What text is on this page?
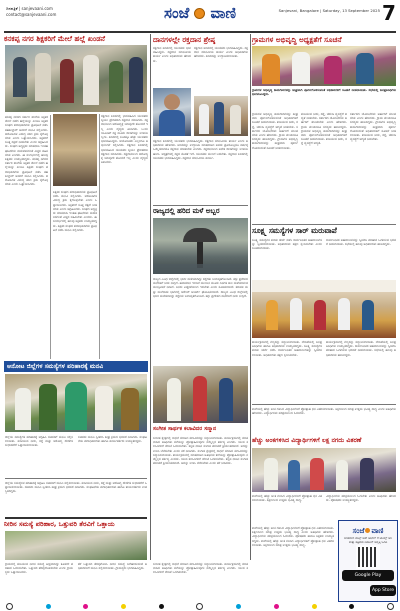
ದಿನಪತ್ರಿಕೆ | sanjevaani.com
contact@sanjevaani.com	ಸಂಜೆ ವಾಣಿ	Sanjevani, Bangalore | Saturday, 13 September 2025 7
ಕನಕಪ್ಪ ನಗರ ಶಿಕ್ಷಕರಿಗೆ ಮೇಲೆ ಹಲ್ಲೆ ಖಂಡನೆ
ಕನಕಪ್ಪ ನಗರದ ಸರ್ಕಾರಿ ಶಾಲೆಯ ಶಿಕ್ಷಕರ ಮೇಲೆ ನಡೆದ ಹಲ್ಲೆಯನ್ನು ಖಂಡಿಸಿ ಶಿಕ್ಷಕರ ಸಂಘದ ಪದಾಧಿಕಾರಿಗಳು ಪ್ರತಿಭಟನೆ ನಡೆಸಿ ತಹಶೀಲ್ದಾರ್ ಅವರಿಗೆ ಮನವಿ ಸಲ್ಲಿಸಿದರು. ಆರೋಪಿಗಳ ವಿರುದ್ಧ ಕಠಿಣ ಕ್ರಮ ಕೈಗೊಳ್ಳಬೇಕು ಎಂದು ಒತ್ತಾಯಿಸಿದರು. ಶಿಕ್ಷಕರಿಗೆ ಸೂಕ್ತ ರಕ್ಷಣೆ ನೀಡಬೇಕು ಎಂದು ಆಗ್ರಹಿಸಿದರು. ಸಂಘದ ಅಧ್ಯಕ್ಷರು ಮಾತನಾಡಿ ಇಂತಹ ಘಟನೆಗಳು ಮರುಕಳಿಸದಂತೆ ಎಚ್ಚರ ವಹಿಸಬೇಕು ಎಂದರು. ಈ ಸಂದರ್ಭದಲ್ಲಿ ಹಲವು ಶಿಕ್ಷಕರು ಉಪಸ್ಥಿತರಿದ್ದರು. ಕನಕಪ್ಪ ನಗರದ ಸರ್ಕಾರಿ ಶಾಲೆಯ ಶಿಕ್ಷಕರ ಮೇಲೆ ನಡೆದ ಹಲ್ಲೆಯನ್ನು ಖಂಡಿಸಿ ಶಿಕ್ಷಕರ ಸಂಘದ ಪದಾಧಿಕಾರಿಗಳು ಪ್ರತಿಭಟನೆ ನಡೆಸಿ ತಹಶೀಲ್ದಾರ್ ಅವರಿಗೆ ಮನವಿ ಸಲ್ಲಿಸಿದರು. ಆರೋಪಿಗಳ ವಿರುದ್ಧ ಕಠಿಣ ಕ್ರಮ ಕೈಗೊಳ್ಳಬೇಕು ಎಂದು ಒತ್ತಾಯಿಸಿದರು.
ಶಿಕ್ಷಕರ ಸಂಘದ ಪದಾಧಿಕಾರಿಗಳು ಪ್ರತಿಭಟನೆ ನಡೆಸಿ ಮನವಿ ಸಲ್ಲಿಸಿದರು. ಆರೋಪಿಗಳ ವಿರುದ್ಧ ಕ್ರಮ ಕೈಗೊಳ್ಳಬೇಕು ಎಂದು ಒತ್ತಾಯಿಸಿದರು. ಶಿಕ್ಷಕರಿಗೆ ಸೂಕ್ತ ರಕ್ಷಣೆ ನೀಡಬೇಕು ಎಂದು ಆಗ್ರಹಿಸಿದರು. ಸಂಘದ ಅಧ್ಯಕ್ಷರು ಮಾತನಾಡಿ ಇಂತಹ ಘಟನೆಗಳು ಮರುಕಳಿಸದಂತೆ ಎಚ್ಚರ ವಹಿಸಬೇಕು ಎಂದರು. ಈ ಸಂದರ್ಭದಲ್ಲಿ ಹಲವು ಶಿಕ್ಷಕರು ಉಪಸ್ಥಿತರಿದ್ದರು. ಶಿಕ್ಷಕರ ಸಂಘದ ಪದಾಧಿಕಾರಿಗಳು ಪ್ರತಿಭಟನೆ ನಡೆಸಿ ಮನವಿ ಸಲ್ಲಿಸಿದರು.
ರಕ್ತದಾನ ಶಿಬಿರದಲ್ಲಿ ಭಾಗವಹಿಸಿದ ಯುವಕರು ಸ್ವಯಂ ಪ್ರೇರಿತರಾಗಿ ರಕ್ತದಾನ ಮಾಡಿದರು. ರಕ್ತದಾನದಿಂದ ಆರೋಗ್ಯಕ್ಕೆ ಯಾವುದೇ ತೊಂದರೆ ಇಲ್ಲ ಎಂದು ವೈದ್ಯರು ತಿಳಿಸಿದರು. ಒಂದು ಯೂನಿಟ್ ರಕ್ತ ಮೂರು ಜೀವಗಳನ್ನು ಉಳಿಸಬಲ್ಲದು. ಶಿಬಿರದಲ್ಲಿ ನೂರಕ್ಕೂ ಹೆಚ್ಚು ಯುವಕರು ಭಾಗವಹಿಸಿದ್ದರು. ಆಯೋಜಕರು ಎಲ್ಲರಿಗೂ ಅಭಿನಂದನೆ ಸಲ್ಲಿಸಿದರು. ರಕ್ತದಾನ ಶಿಬಿರದಲ್ಲಿ ಭಾಗವಹಿಸಿದ ಯುವಕರು ಸ್ವಯಂ ಪ್ರೇರಿತರಾಗಿ ರಕ್ತದಾನ ಮಾಡಿದರು. ರಕ್ತದಾನದಿಂದ ಆರೋಗ್ಯಕ್ಕೆ ಯಾವುದೇ ತೊಂದರೆ ಇಲ್ಲ ಎಂದು ವೈದ್ಯರು ತಿಳಿಸಿದರು.
ದಾನಗಳಲ್ಲೇ ರಕ್ತದಾನ ಶ್ರೇಷ್ಠ
ರಕ್ತದಾನ ಶಿಬಿರದಲ್ಲಿ ಯುವಕರು ಭಾಗವಹಿಸಿದ್ದರು. ರಕ್ತದಾನ ಮಾನವೀಯ ಕಾರ್ಯ ಎಂದು ಅಧಿಕಾರಿಗಳು ಹೇಳಿದರು.
ರಕ್ತದಾನ ಶಿಬಿರದಲ್ಲಿ ಯುವಕರು ಭಾಗವಹಿಸಿದ್ದರು. ರಕ್ತದಾನ ಮಾನವೀಯ ಕಾರ್ಯ ಎಂದು ಅಧಿಕಾರಿಗಳು ಹೇಳಿದರು. ಶಿಬಿರವನ್ನು ಉದ್ಘಾಟಿಸಲಾಯಿತು.
ರಕ್ತದಾನ ಶಿಬಿರದಲ್ಲಿ ಯುವಕರು ಭಾಗವಹಿಸಿದ್ದರು. ರಕ್ತದಾನ ಮಾನವೀಯ ಕಾರ್ಯ ಎಂದು ಅಧಿಕಾರಿಗಳು ಹೇಳಿದರು. ಶಿಬಿರವನ್ನು ಉದ್ಘಾಟಿಸಿ ಮಾತನಾಡಿದ ಅವರು ಪ್ರತಿಯೊಬ್ಬರೂ ವರ್ಷಕ್ಕೆ ಒಮ್ಮೆಯಾದರೂ ರಕ್ತದಾನ ಮಾಡಬೇಕು ಎಂದರು. ರಕ್ತದಾನದಿಂದ ಅನೇಕ ಜೀವಗಳನ್ನು ಉಳಿಸಬಹುದು. ಆಸ್ಪತ್ರೆಗಳಲ್ಲಿ ರಕ್ತದ ಕೊರತೆ ಇದೆ. ಯುವಕರು ಮುಂದೆ ಬರಬೇಕು. ರಕ್ತದಾನ ಶಿಬಿರದಲ್ಲಿ ಯುವಕರು ಭಾಗವಹಿಸಿದ್ದರು. ರಕ್ತದಾನ ಮಾನವೀಯ ಕಾರ್ಯ.
ರಾಜ್ಯದಲ್ಲಿ ಹರಿದ ಮಳೆ ಅಬ್ಬರ
ರಾಜ್ಯದ ವಿವಿಧ ಜಿಲ್ಲೆಗಳಲ್ಲಿ ಭಾರೀ ಮಳೆಯಾಗಿದ್ದು ರಸ್ತೆಗಳು ಜಲಾವೃತಗೊಂಡಿವೆ. ತಗ್ಗು ಪ್ರದೇಶದ ಮನೆಗಳಿಗೆ ನೀರು ನುಗ್ಗಿದೆ. ಹವಾಮಾನ ಇಲಾಖೆ ಮುಂದಿನ ಮೂರು ದಿನಗಳ ಕಾಲ ಮಳೆಯಾಗುವ ಮುನ್ಸೂಚನೆ ನೀಡಿದೆ. ಜನರು ಎಚ್ಚರಿಕೆಯಿಂದ ಇರಬೇಕು ಎಂದು ಸೂಚಿಸಲಾಗಿದೆ. ಕರಾವಳಿ ಮತ್ತು ಮಲೆನಾಡು ಭಾಗದಲ್ಲಿ ಆರೆಂಜ್ ಅಲರ್ಟ್ ಘೋಷಿಸಲಾಗಿದೆ. ರಾಜ್ಯದ ವಿವಿಧ ಜಿಲ್ಲೆಗಳಲ್ಲಿ ಭಾರೀ ಮಳೆಯಾಗಿದ್ದು ರಸ್ತೆಗಳು ಜಲಾವೃತಗೊಂಡಿವೆ. ತಗ್ಗು ಪ್ರದೇಶದ ಮನೆಗಳಿಗೆ ನೀರು ನುಗ್ಗಿದೆ.
ಗ್ರಾಮಗಳ ಅಭಿವೃದ್ಧಿ ಅಧ್ಯಕ್ಷತೆಗೆ ಸೂಚನೆ
ಗ್ರಾಮಗಳ ಅಭಿವೃದ್ಧಿ ಕಾಮಗಾರಿಗಳನ್ನು ಶೀಘ್ರವಾಗಿ ಪೂರ್ಣಗೊಳಿಸುವಂತೆ ಅಧಿಕಾರಿಗಳಿಗೆ ಸೂಚನೆ ನೀಡಲಾಯಿತು. ಸಭೆಯಲ್ಲಿ ಜನಪ್ರತಿನಿಧಿಗಳು ಭಾಗವಹಿಸಿದ್ದರು.
ಗ್ರಾಮಗಳ ಅಭಿವೃದ್ಧಿ ಕಾಮಗಾರಿಗಳನ್ನು ಶೀಘ್ರವಾಗಿ ಪೂರ್ಣಗೊಳಿಸುವಂತೆ ಅಧಿಕಾರಿಗಳಿಗೆ ಸೂಚನೆ ನೀಡಲಾಯಿತು. ಕುಡಿಯುವ ನೀರು, ರಸ್ತೆ, ಚರಂಡಿ ವ್ಯವಸ್ಥೆಗೆ ಆದ್ಯತೆ ನೀಡಬೇಕು. ಸರ್ಕಾರದ ಯೋಜನೆಗಳು ಅರ್ಹರಿಗೆ ತಲುಪಬೇಕು ಎಂದು ಹೇಳಿದರು. ಗ್ರಾಮ ಪಂಚಾಯತಿ ಸದಸ್ಯರು ಹಾಜರಿದ್ದರು. ಗ್ರಾಮಗಳ ಅಭಿವೃದ್ಧಿ ಕಾಮಗಾರಿಗಳನ್ನು ಶೀಘ್ರವಾಗಿ ಪೂರ್ಣಗೊಳಿಸುವಂತೆ ಸೂಚನೆ ನೀಡಲಾಯಿತು.
ಕುಡಿಯುವ ನೀರು, ರಸ್ತೆ, ಚರಂಡಿ ವ್ಯವಸ್ಥೆಗೆ ಆದ್ಯತೆ ನೀಡಬೇಕು. ಸರ್ಕಾರದ ಯೋಜನೆಗಳು ಅರ್ಹರಿಗೆ ತಲುಪಬೇಕು ಎಂದು ಹೇಳಿದರು. ಗ್ರಾಮ ಪಂಚಾಯತಿ ಸದಸ್ಯರು ಹಾಜರಿದ್ದರು. ಗ್ರಾಮಗಳ ಅಭಿವೃದ್ಧಿ ಕಾಮಗಾರಿಗಳನ್ನು ಶೀಘ್ರವಾಗಿ ಪೂರ್ಣಗೊಳಿಸುವಂತೆ ಅಧಿಕಾರಿಗಳಿಗೆ ಸೂಚನೆ ನೀಡಲಾಯಿತು. ಕುಡಿಯುವ ನೀರು, ರಸ್ತೆ ವ್ಯವಸ್ಥೆಗೆ ಆದ್ಯತೆ.
ಸರ್ಕಾರದ ಯೋಜನೆಗಳು ಅರ್ಹರಿಗೆ ತಲುಪಬೇಕು ಎಂದು ಹೇಳಿದರು. ಗ್ರಾಮ ಪಂಚಾಯತಿ ಸದಸ್ಯರು ಹಾಜರಿದ್ದರು. ಗ್ರಾಮಗಳ ಅಭಿವೃದ್ಧಿ ಕಾಮಗಾರಿಗಳನ್ನು ಶೀಘ್ರವಾಗಿ ಪೂರ್ಣಗೊಳಿಸುವಂತೆ ಅಧಿಕಾರಿಗಳಿಗೆ ಸೂಚನೆ ನೀಡಲಾಯಿತು. ಕುಡಿಯುವ ನೀರು, ರಸ್ತೆ, ಚರಂಡಿ ವ್ಯವಸ್ಥೆಗೆ ಆದ್ಯತೆ ನೀಡಬೇಕು.
ಸೂಕ್ಷ್ಮ ಸಮಸ್ಯೆಗಳ ಸಾರ್ ಮರುವಾಪೆ
ಸೂಕ್ಷ್ಮ ಸಮಸ್ಯೆಗಳ ಕುರಿತು ಚರ್ಚೆ ನಡೆಸಿ ಸಾರ್ವಜನಿಕರ ಅಹವಾಲುಗಳನ್ನು ಸ್ವೀಕರಿಸಲಾಯಿತು. ಅಧಿಕಾರಿಗಳು ತಕ್ಷಣ ಸ್ಪಂದಿಸಬೇಕು ಎಂದು ಸೂಚಿಸಲಾಯಿತು.
ಸಾರ್ವಜನಿಕರ ಅಹವಾಲುಗಳನ್ನು ಸ್ವೀಕರಿಸಿ ಪರಿಹಾರ ಒದಗಿಸುವ ಭರವಸೆ ನೀಡಲಾಯಿತು. ಸಭೆಯಲ್ಲಿ ಹಲವು ಅಧಿಕಾರಿಗಳು ಹಾಜರಿದ್ದರು.
ಕಾರ್ಯಕ್ರಮದಲ್ಲಿ ಗಣ್ಯರನ್ನು ಸನ್ಮಾನಿಸಲಾಯಿತು. ವೇದಿಕೆಯಲ್ಲಿ ಜನಪ್ರತಿನಿಧಿಗಳು ಹಾಗೂ ಅಧಿಕಾರಿಗಳು ಉಪಸ್ಥಿತರಿದ್ದರು. ಸೂಕ್ಷ್ಮ ಸಮಸ್ಯೆಗಳ ಕುರಿತು ಚರ್ಚೆ ನಡೆಸಿ ಸಾರ್ವಜನಿಕರ ಅಹವಾಲುಗಳನ್ನು ಸ್ವೀಕರಿಸಲಾಯಿತು. ಅಧಿಕಾರಿಗಳು ತಕ್ಷಣ ಸ್ಪಂದಿಸಬೇಕು.
ಕಾರ್ಯಕ್ರಮದಲ್ಲಿ ಗಣ್ಯರನ್ನು ಸನ್ಮಾನಿಸಲಾಯಿತು. ವೇದಿಕೆಯಲ್ಲಿ ಜನಪ್ರತಿನಿಧಿಗಳು ಉಪಸ್ಥಿತರಿದ್ದರು. ಸಾರ್ವಜನಿಕರ ಅಹವಾಲುಗಳನ್ನು ಸ್ವೀಕರಿಸಿ ಪರಿಹಾರ ಒದಗಿಸುವ ಭರವಸೆ ನೀಡಲಾಯಿತು. ಸಭೆಯಲ್ಲಿ ಹಲವು ಅಧಿಕಾರಿಗಳು ಹಾಜರಿದ್ದರು.
ಆನೋಟ ಜಿಲ್ಲೆಗಳ ಸಮಸ್ಯೆಗಳ ಪರಿಹಾರಕ್ಕೆ ಮನವಿ
ಜಿಲ್ಲೆಯ ಸಮಸ್ಯೆಗಳ ಪರಿಹಾರಕ್ಕೆ ಆಗ್ರಹಿಸಿ ಸಚಿವರಿಗೆ ಮನವಿ ಸಲ್ಲಿಸಲಾಯಿತು. ಕುಡಿಯುವ ನೀರು, ರಸ್ತೆ ಮತ್ತು ಆರೋಗ್ಯ ಸೇವೆಗಳ ಸುಧಾರಣೆಗೆ ಒತ್ತಾಯಿಸಲಾಯಿತು.
ಸಚಿವರು ಮನವಿ ಸ್ವೀಕರಿಸಿ ಶೀಘ್ರ ಕ್ರಮದ ಭರವಸೆ ನೀಡಿದರು. ಸಂಘಟನೆಯ ಪದಾಧಿಕಾರಿಗಳು ಹಾಗೂ ಕಾರ್ಯಕರ್ತರು ಉಪಸ್ಥಿತರಿದ್ದರು.
ಸಂಗೀತ ಸಾರ್ಥಕ ಕಲಾವಿದರ ಸನ್ಮಾನ
ಸಂಗೀತ ಕ್ಷೇತ್ರದಲ್ಲಿ ಸಾಧನೆ ಮಾಡಿದ ಕಲಾವಿದರನ್ನು ಸನ್ಮಾನಿಸಲಾಯಿತು. ಕಾರ್ಯಕ್ರಮದಲ್ಲಿ ಮಾತನಾಡಿದ ಅತಿಥಿಗಳು ಕಲೆಯನ್ನು ಪ್ರೋತ್ಸಾಹಿಸುವುದು ನಮ್ಮೆಲ್ಲರ ಕರ್ತವ್ಯ ಎಂದರು. ಯುವ ಕಲಾವಿದರಿಗೆ ವೇದಿಕೆ ಒದಗಿಸಬೇಕು. ಕನ್ನಡ ನಾಡಿನ ಸಂಗೀತ ಪರಂಪರೆ ಶ್ರೀಮಂತವಾಗಿದೆ. ಅದನ್ನು ಉಳಿಸಿ ಬೆಳೆಸಬೇಕು ಎಂದು ಕರೆ ನೀಡಿದರು. ಸಂಗೀತ ಕ್ಷೇತ್ರದಲ್ಲಿ ಸಾಧನೆ ಮಾಡಿದ ಕಲಾವಿದರನ್ನು ಸನ್ಮಾನಿಸಲಾಯಿತು. ಕಾರ್ಯಕ್ರಮದಲ್ಲಿ ಮಾತನಾಡಿದ ಅತಿಥಿಗಳು ಕಲೆಯನ್ನು ಪ್ರೋತ್ಸಾಹಿಸುವುದು ನಮ್ಮೆಲ್ಲರ ಕರ್ತವ್ಯ ಎಂದರು. ಯುವ ಕಲಾವಿದರಿಗೆ ವೇದಿಕೆ ಒದಗಿಸಬೇಕು. ಕನ್ನಡ ನಾಡಿನ ಸಂಗೀತ ಪರಂಪರೆ ಶ್ರೀಮಂತವಾಗಿದೆ. ಅದನ್ನು ಉಳಿಸಿ ಬೆಳೆಸಬೇಕು ಎಂದು ಕರೆ ನೀಡಿದರು.
ಜಿಲ್ಲೆಯ ಸಮಸ್ಯೆಗಳ ಪರಿಹಾರಕ್ಕೆ ಆಗ್ರಹಿಸಿ ಸಚಿವರಿಗೆ ಮನವಿ ಸಲ್ಲಿಸಲಾಯಿತು. ಕುಡಿಯುವ ನೀರು, ರಸ್ತೆ ಮತ್ತು ಆರೋಗ್ಯ ಸೇವೆಗಳ ಸುಧಾರಣೆಗೆ ಒತ್ತಾಯಿಸಲಾಯಿತು. ಸಚಿವರು ಮನವಿ ಸ್ವೀಕರಿಸಿ ಶೀಘ್ರ ಕ್ರಮದ ಭರವಸೆ ನೀಡಿದರು. ಸಂಘಟನೆಯ ಪದಾಧಿಕಾರಿಗಳು ಹಾಗೂ ಕಾರ್ಯಕರ್ತರು ಉಪಸ್ಥಿತರಿದ್ದರು.
ನೀರಿನ ಸಮಸ್ಯೆ ಪರಿಹಾರ, ಒತ್ತುವರಿ ತೆರವಿಗೆ ಒತ್ತಾಯ
ಗ್ರಾಮದಲ್ಲಿ ಕುಡಿಯುವ ನೀರಿನ ಸಮಸ್ಯೆ ತೀವ್ರವಾಗಿದ್ದು ಕೂಡಲೇ ಪರಿಹಾರ ಒದಗಿಸಬೇಕು. ಒತ್ತುವರಿ ತೆರವುಗೊಳಿಸಬೇಕು ಎಂದು ಗ್ರಾಮಸ್ಥರು ಒತ್ತಾಯಿಸಿದರು.
ಕೆರೆ ಒತ್ತುವರಿ ತೆರವುಗೊಳಿಸಿ ನೀರಿನ ಸಮಸ್ಯೆ ಬಗೆಹರಿಸುವಂತೆ ಅಧಿಕಾರಿಗಳಿಗೆ ಮನವಿ ಸಲ್ಲಿಸಲಾಯಿತು. ಗ್ರಾಮಸ್ಥರು ಭಾಗವಹಿಸಿದ್ದರು.
ಶಾಲೆಯಲ್ಲಿ ಹೆಚ್ಚು ಅಂಕ ಗಳಿಸಿದ ವಿದ್ಯಾರ್ಥಿಗಳಿಗೆ ಪ್ರೋತ್ಸಾಹ ಧನ ವಿತರಿಸಲಾಯಿತು. ಶಿಕ್ಷಣದಿಂದ ಮಾತ್ರ ಉತ್ತಮ ಭವಿಷ್ಯ ಸಾಧ್ಯ ಎಂದು ಅತಿಥಿಗಳು ಹೇಳಿದರು. ವಿದ್ಯಾರ್ಥಿಗಳು ಪರಿಶ್ರಮದಿಂದ ಓದಬೇಕು.
ಹೆಚ್ಚು ಅಂಕಗಳಿಸಿದ ವಿದ್ಯಾರ್ಥಿಗಳಿಗೆ ಲಕ್ಷ ನಗದು ವಿತರಣೆ
ಶಾಲೆಯಲ್ಲಿ ಹೆಚ್ಚು ಅಂಕ ಗಳಿಸಿದ ವಿದ್ಯಾರ್ಥಿಗಳಿಗೆ ಪ್ರೋತ್ಸಾಹ ಧನ ವಿತರಿಸಲಾಯಿತು. ಶಿಕ್ಷಣದಿಂದ ಉತ್ತಮ ಭವಿಷ್ಯ ಸಾಧ್ಯ.
ವಿದ್ಯಾರ್ಥಿಗಳು ಪರಿಶ್ರಮದಿಂದ ಓದಬೇಕು ಎಂದು ಅತಿಥಿಗಳು ಹೇಳಿದರು. ಪೋಷಕರು ಉಪಸ್ಥಿತರಿದ್ದರು.
ಸಂಜೆ ವಾಣಿ
ಸಂಜೆವಾಣಿ ವಾಟ್ಸ್ ಆಪ್ ಚಾನೆಲ್ ಗೆ ಜಾಯ್ನ್ ಆಗಿ
ಮತ್ತು ಪತ್ರಿಕೆಯ ಡಿಜಿಟಲ್ ಆವೃತ್ತಿ ಓದಿರಿ
Google Play
App Store
ಶಾಲೆಯಲ್ಲಿ ಹೆಚ್ಚು ಅಂಕ ಗಳಿಸಿದ ವಿದ್ಯಾರ್ಥಿಗಳಿಗೆ ಪ್ರೋತ್ಸಾಹ ಧನ ವಿತರಿಸಲಾಯಿತು. ಶಿಕ್ಷಣದಿಂದ ಮಾತ್ರ ಉತ್ತಮ ಭವಿಷ್ಯ ಸಾಧ್ಯ ಎಂದು ಅತಿಥಿಗಳು ಹೇಳಿದರು. ವಿದ್ಯಾರ್ಥಿಗಳು ಪರಿಶ್ರಮದಿಂದ ಓದಬೇಕು. ಪೋಷಕರು ಹಾಗೂ ಶಿಕ್ಷಕರು ಉಪಸ್ಥಿತರಿದ್ದರು. ಶಾಲೆಯಲ್ಲಿ ಹೆಚ್ಚು ಅಂಕ ಗಳಿಸಿದ ವಿದ್ಯಾರ್ಥಿಗಳಿಗೆ ಪ್ರೋತ್ಸಾಹ ಧನ ವಿತರಿಸಲಾಯಿತು. ಶಿಕ್ಷಣದಿಂದ ಮಾತ್ರ ಉತ್ತಮ ಭವಿಷ್ಯ ಸಾಧ್ಯ.
ಸಂಗೀತ ಕ್ಷೇತ್ರದಲ್ಲಿ ಸಾಧನೆ ಮಾಡಿದ ಕಲಾವಿದರನ್ನು ಸನ್ಮಾನಿಸಲಾಯಿತು. ಕಾರ್ಯಕ್ರಮದಲ್ಲಿ ಮಾತನಾಡಿದ ಅತಿಥಿಗಳು ಕಲೆಯನ್ನು ಪ್ರೋತ್ಸಾಹಿಸುವುದು ನಮ್ಮೆಲ್ಲರ ಕರ್ತವ್ಯ ಎಂದರು. ಯುವ ಕಲಾವಿದರಿಗೆ ವೇದಿಕೆ ಒದಗಿಸಬೇಕು.
